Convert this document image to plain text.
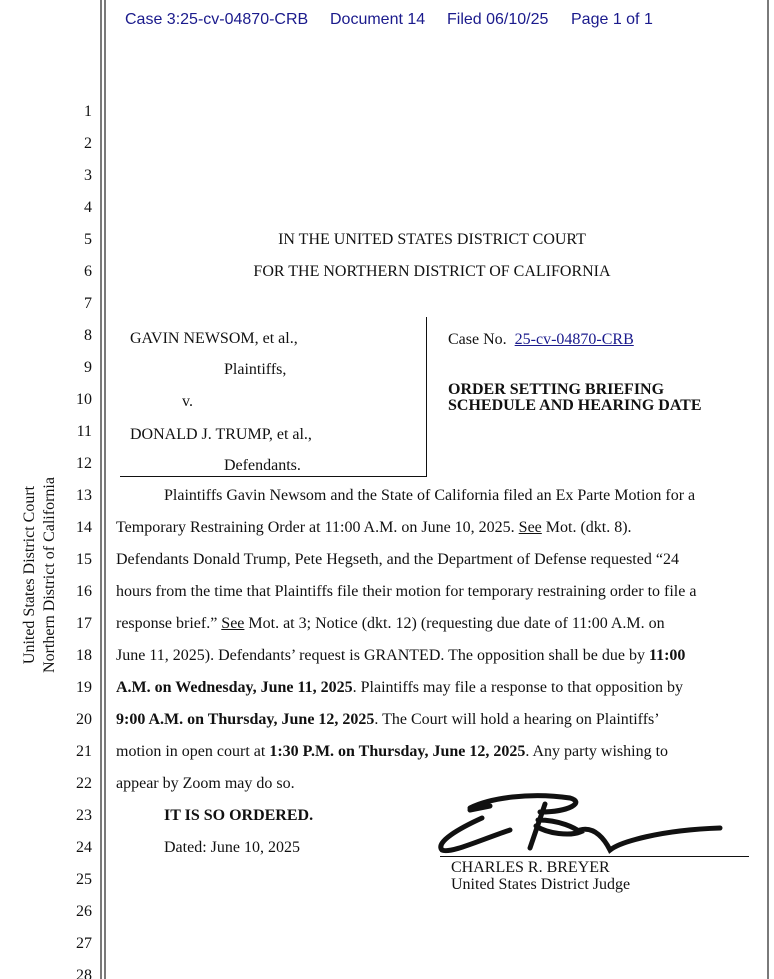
Case 3:25-cv-04870-CRB Document 14 Filed 06/10/25 Page 1 of 1
1
2
3
4
5
6
7
8
9
10
11
12
13
14
15
16
17
18
19
20
21
22
23
24
25
26
27
28
United States District Court Northern District of California
IN THE UNITED STATES DISTRICT COURT
FOR THE NORTHERN DISTRICT OF CALIFORNIA
GAVIN NEWSOM, et al.,
Plaintiffs,
v.
DONALD J. TRUMP, et al.,
Defendants.
Case No. 25-cv-04870-CRB
ORDER SETTING BRIEFING
SCHEDULE AND HEARING DATE
Plaintiffs Gavin Newsom and the State of California filed an Ex Parte Motion for a
Temporary Restraining Order at 11:00 A.M. on June 10, 2025. See Mot. (dkt. 8).
Defendants Donald Trump, Pete Hegseth, and the Department of Defense requested “24
hours from the time that Plaintiffs file their motion for temporary restraining order to file a
response brief.” See Mot. at 3; Notice (dkt. 12) (requesting due date of 11:00 A.M. on
June 11, 2025). Defendants’ request is GRANTED. The opposition shall be due by 11:00
A.M. on Wednesday, June 11, 2025. Plaintiffs may file a response to that opposition by
9:00 A.M. on Thursday, June 12, 2025. The Court will hold a hearing on Plaintiffs’
motion in open court at 1:30 P.M. on Thursday, June 12, 2025. Any party wishing to
appear by Zoom may do so.
IT IS SO ORDERED.
Dated: June 10, 2025
CHARLES R. BREYER
United States District Judge
